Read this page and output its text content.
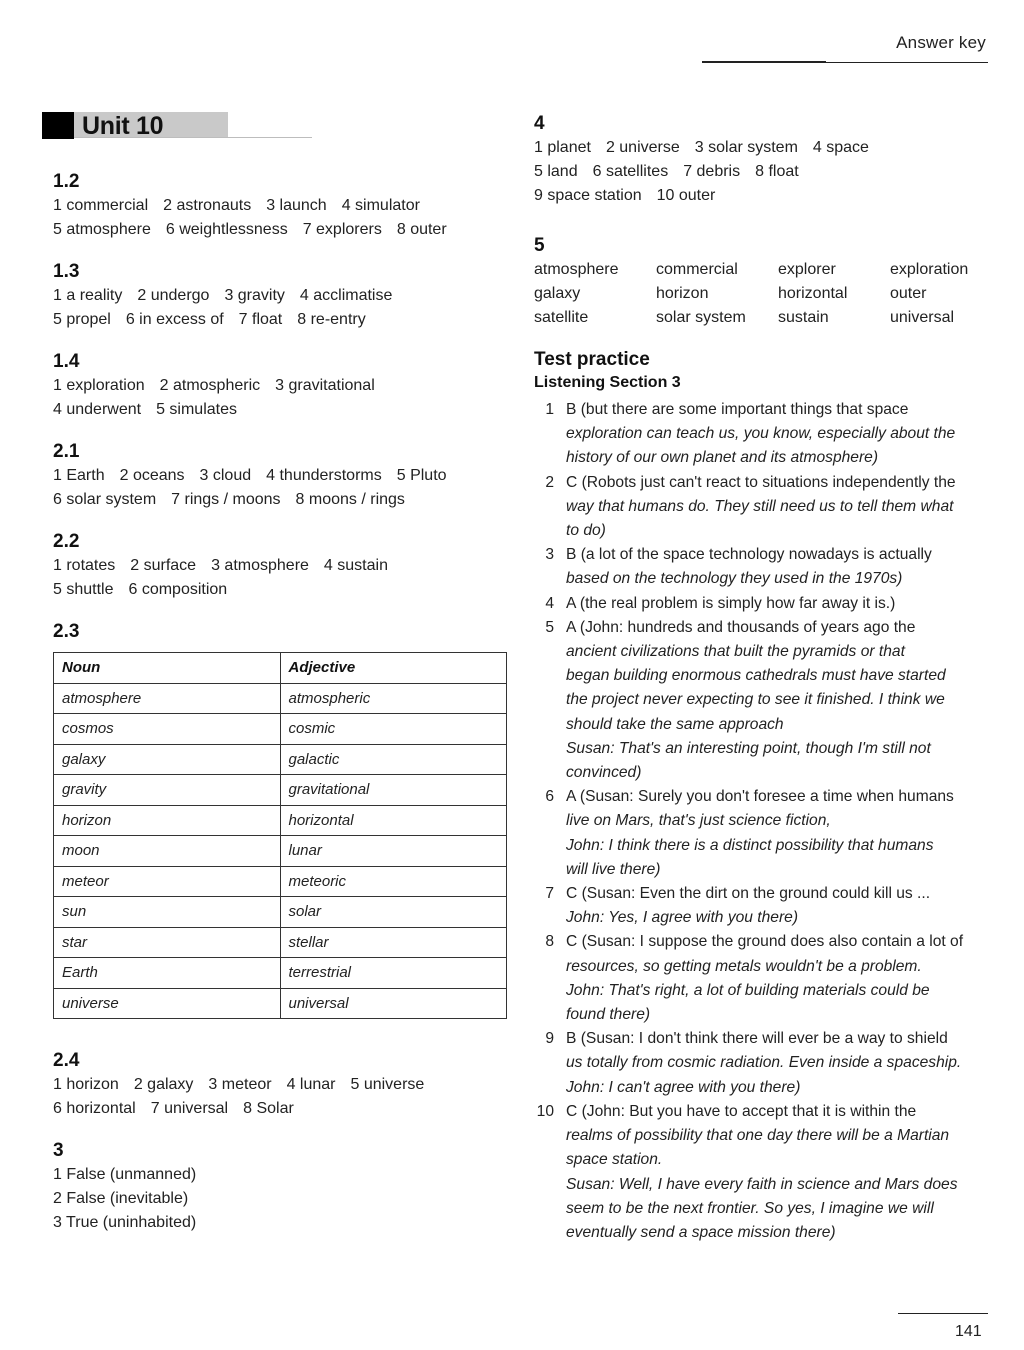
Answer key
Unit 10

1.2

1 commercial 2 astronauts 3 launch 4 simulator

5 atmosphere 6 weightlessness 7 explorers 8 outer

1.3

1 a reality 2 undergo 3 gravity 4 acclimatise

5 propel 6 in excess of 7 float 8 re-entry

1.4

1 exploration 2 atmospheric 3 gravitational

4 underwent 5 simulates

2.1

1 Earth 2 oceans 3 cloud 4 thunderstorms 5 Pluto

6 solar system 7 rings / moons 8 moons / rings

2.2

1 rotates 2 surface 3 atmosphere 4 sustain

5 shuttle 6 composition

2.3

Noun	Adjective
atmosphere	atmospheric
cosmos	cosmic
galaxy	galactic
gravity	gravitational
horizon	horizontal
moon	lunar
meteor	meteoric
sun	solar
star	stellar
Earth	terrestrial
universe	universal

2.4

1 horizon 2 galaxy 3 meteor 4 lunar 5 universe

6 horizontal 7 universal 8 Solar

3

1 False (unmanned)

2 False (inevitable)

3 True (uninhabited)

4

1 planet 2 universe 3 solar system 4 space

5 land 6 satellites 7 debris 8 float

9 space station 10 outer

5

atmosphere	commercial	explorer	exploration
galaxy	horizon	horizontal	outer
satellite	solar system	sustain	universal

Test practice

Listening Section 3

1 B (but there are some important things that space
exploration can teach us, you know, especially about the
history of our own planet and its atmosphere)
2 C (Robots just can't react to situations independently the
way that humans do. They still need us to tell them what
to do)
3 B (a lot of the space technology nowadays is actually
based on the technology they used in the 1970s)
4 A (the real problem is simply how far away it is.)
5 A (John: hundreds and thousands of years ago the
ancient civilizations that built the pyramids or that
began building enormous cathedrals must have started
the project never expecting to see it finished. I think we
should take the same approach
Susan: That's an interesting point, though I'm still not
convinced)
6 A (Susan: Surely you don't foresee a time when humans
live on Mars, that's just science fiction,
John: I think there is a distinct possibility that humans
will live there)
7 C (Susan: Even the dirt on the ground could kill us ...
John: Yes, I agree with you there)
8 C (Susan: I suppose the ground does also contain a lot of
resources, so getting metals wouldn't be a problem.
John: That's right, a lot of building materials could be
found there)
9 B (Susan: I don't think there will ever be a way to shield
us totally from cosmic radiation. Even inside a spaceship.
John: I can't agree with you there)
10 C (John: But you have to accept that it is within the
realms of possibility that one day there will be a Martian
space station.
Susan: Well, I have every faith in science and Mars does
seem to be the next frontier. So yes, I imagine we will
eventually send a space mission there)
141
